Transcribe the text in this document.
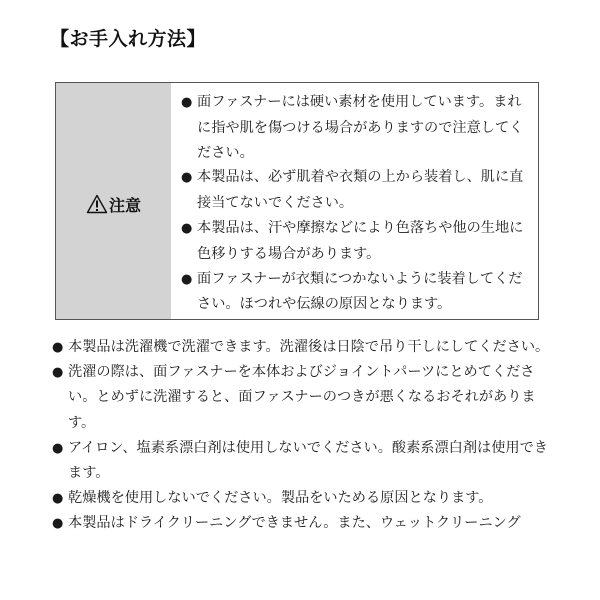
【お手入れ方法】
注意
● 面ファスナーには硬い素材を使用しています。まれに指や肌を傷つける場合がありますので注意してください。
● 本製品は、必ず肌着や衣類の上から装着し、肌に直接当てないでください。
● 本製品は、汗や摩擦などにより色落ちや他の生地に色移りする場合があります。
● 面ファスナーが衣類につかないように装着してください。ほつれや伝線の原因となります。
● 本製品は洗濯機で洗濯できます。洗濯後は日陰で吊り干しにしてください。
● 洗濯の際は、面ファスナーを本体およびジョイントパーツにとめてください。とめずに洗濯すると、面ファスナーのつきが悪くなるおそれがあります。
● アイロン、塩素系漂白剤は使用しないでください。酸素系漂白剤は使用できます。
● 乾燥機を使用しないでください。製品をいためる原因となります。
● 本製品はドライクリーニングできません。また、ウェットクリーニング
